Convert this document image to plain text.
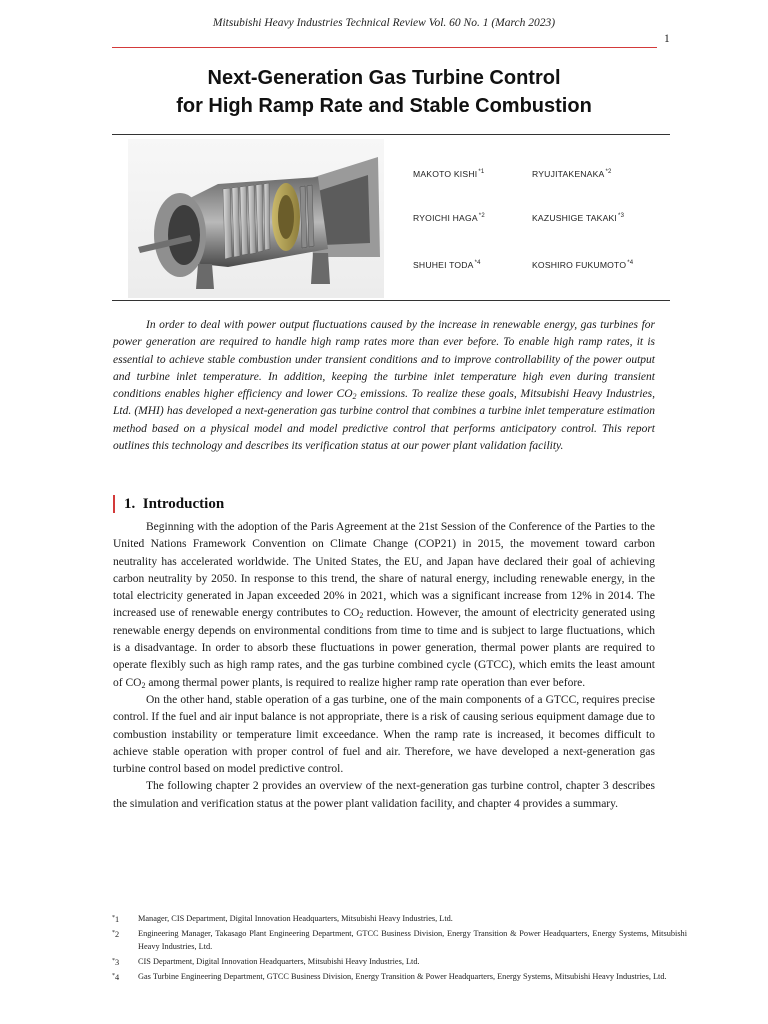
Mitsubishi Heavy Industries Technical Review Vol. 60 No. 1 (March 2023)
1
Next-Generation Gas Turbine Control
for High Ramp Rate and Stable Combustion
MAKOTO KISHI$^{*1}$	RYUJITAKENAKA$^{*2}$
RYOICHI HAGA$^{*2}$	KAZUSHIGE TAKAKI$^{*3}$
SHUHEI TODA$^{*4}$	KOSHIRO FUKUMOTO$^{*4}$
In order to deal with power output fluctuations caused by the increase in renewable energy, gas turbines for power generation are required to handle high ramp rates more than ever before. To enable high ramp rates, it is essential to achieve stable combustion under transient conditions and to improve controllability of the power output and turbine inlet temperature. In addition, keeping the turbine inlet temperature high even during transient conditions enables higher efficiency and lower $CO_2$ emissions. To realize these goals, Mitsubishi Heavy Industries, Ltd. (MHI) has developed a next-generation gas turbine control that combines a turbine inlet temperature estimation method based on a physical model and model predictive control that performs anticipatory control. This report outlines this technology and describes its verification status at our power plant validation facility.
1.  Introduction

Beginning with the adoption of the Paris Agreement at the 21st Session of the Conference of the Parties to the United Nations Framework Convention on Climate Change (COP21) in 2015, the movement toward carbon neutrality has accelerated worldwide. The United States, the EU, and Japan have declared their goal of achieving carbon neutrality by 2050. In response to this trend, the share of natural energy, including renewable energy, in the total electricity generated in Japan exceeded 20% in 2021, which was a significant increase from 12% in 2014. The increased use of renewable energy contributes to $CO_2$ reduction. However, the amount of electricity generated using renewable energy depends on environmental conditions from time to time and is subject to large fluctuations, which is a disadvantage. In order to absorb these fluctuations in power generation, thermal power plants are required to operate flexibly such as high ramp rates, and the gas turbine combined cycle (GTCC), which emits the least amount of $CO_2$ among thermal power plants, is required to realize higher ramp rate operation than ever before.

On the other hand, stable operation of a gas turbine, one of the main components of a GTCC, requires precise control. If the fuel and air input balance is not appropriate, there is a risk of causing serious equipment damage due to combustion instability or temperature limit exceedance. When the ramp rate is increased, it becomes difficult to achieve stable operation with proper control of fuel and air. Therefore, we have developed a next-generation gas turbine control based on model predictive control.

The following chapter 2 provides an overview of the next-generation gas turbine control, chapter 3 describes the simulation and verification status at the power plant validation facility, and chapter 4 provides a summary.

*1 Manager, CIS Department, Digital Innovation Headquarters, Mitsubishi Heavy Industries, Ltd.
*2 Engineering Manager, Takasago Plant Engineering Department, GTCC Business Division, Energy Transition & Power Headquarters, Energy Systems, Mitsubishi Heavy Industries, Ltd.
*3 CIS Department, Digital Innovation Headquarters, Mitsubishi Heavy Industries, Ltd.
*4 Gas Turbine Engineering Department, GTCC Business Division, Energy Transition & Power Headquarters, Energy Systems, Mitsubishi Heavy Industries, Ltd.
